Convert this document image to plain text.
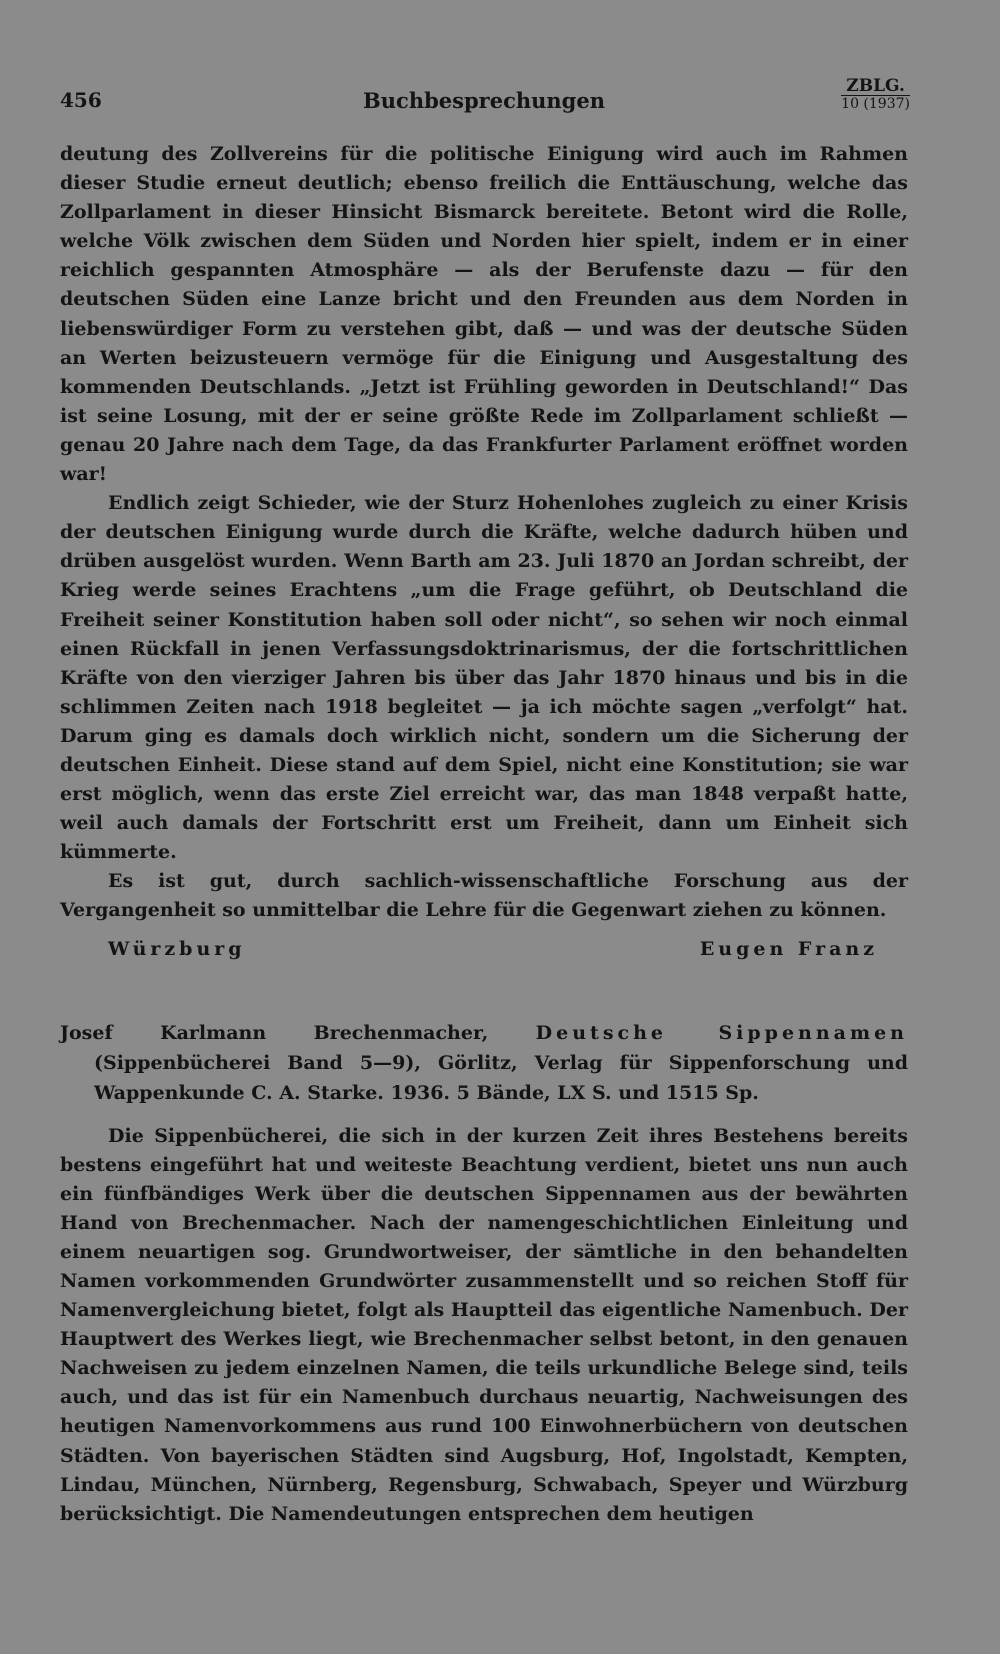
456	Buchbesprechungen
ZBLG.
10 (1937)

deutung des Zollvereins für die politische Einigung wird auch im Rahmen dieser Studie erneut deutlich; ebenso freilich die Enttäuschung, welche das Zollparlament in dieser Hinsicht Bismarck bereitete. Betont wird die Rolle, welche Völk zwischen dem Süden und Norden hier spielt, indem er in einer reichlich gespannten Atmosphäre — als der Berufenste dazu — für den deutschen Süden eine Lanze bricht und den Freunden aus dem Norden in liebenswürdiger Form zu verstehen gibt, daß — und was der deutsche Süden an Werten beizusteuern vermöge für die Einigung und Ausgestaltung des kommenden Deutschlands. „Jetzt ist Frühling geworden in Deutschland!“ Das ist seine Losung, mit der er seine größte Rede im Zollparlament schließt — genau 20 Jahre nach dem Tage, da das Frankfurter Parlament eröffnet worden war!

Endlich zeigt Schieder, wie der Sturz Hohenlohes zugleich zu einer Krisis der deutschen Einigung wurde durch die Kräfte, welche dadurch hüben und drüben ausgelöst wurden. Wenn Barth am 23. Juli 1870 an Jordan schreibt, der Krieg werde seines Erachtens „um die Frage geführt, ob Deutschland die Freiheit seiner Konstitution haben soll oder nicht“, so sehen wir noch einmal einen Rückfall in jenen Verfassungsdoktrinarismus, der die fortschrittlichen Kräfte von den vierziger Jahren bis über das Jahr 1870 hinaus und bis in die schlimmen Zeiten nach 1918 begleitet — ja ich möchte sagen „verfolgt“ hat. Darum ging es damals doch wirklich nicht, sondern um die Sicherung der deutschen Einheit. Diese stand auf dem Spiel, nicht eine Konstitution; sie war erst möglich, wenn das erste Ziel erreicht war, das man 1848 verpaßt hatte, weil auch damals der Fortschritt erst um Freiheit, dann um Einheit sich kümmerte.

Es ist gut, durch sachlich-wissenschaftliche Forschung aus der Vergangenheit so unmittelbar die Lehre für die Gegenwart ziehen zu können.

Würzburg	Eugen Franz
Josef Karlmann Brechenmacher, Deutsche Sippennamen (Sippenbücherei Band 5—9), Görlitz, Verlag für Sippenforschung und Wappenkunde C. A. Starke. 1936. 5 Bände, LX S. und 1515 Sp.

Die Sippenbücherei, die sich in der kurzen Zeit ihres Bestehens bereits bestens eingeführt hat und weiteste Beachtung verdient, bietet uns nun auch ein fünfbändiges Werk über die deutschen Sippennamen aus der bewährten Hand von Brechenmacher. Nach der namengeschichtlichen Einleitung und einem neuartigen sog. Grundwortweiser, der sämtliche in den behandelten Namen vorkommenden Grundwörter zusammenstellt und so reichen Stoff für Namenvergleichung bietet, folgt als Hauptteil das eigentliche Namenbuch. Der Hauptwert des Werkes liegt, wie Brechenmacher selbst betont, in den genauen Nachweisen zu jedem einzelnen Namen, die teils urkundliche Belege sind, teils auch, und das ist für ein Namenbuch durchaus neuartig, Nachweisungen des heutigen Namenvorkommens aus rund 100 Einwohnerbüchern von deutschen Städten. Von bayerischen Städten sind Augsburg, Hof, Ingolstadt, Kempten, Lindau, München, Nürnberg, Regensburg, Schwabach, Speyer und Würzburg berücksichtigt. Die Namendeutungen entsprechen dem heutigen
